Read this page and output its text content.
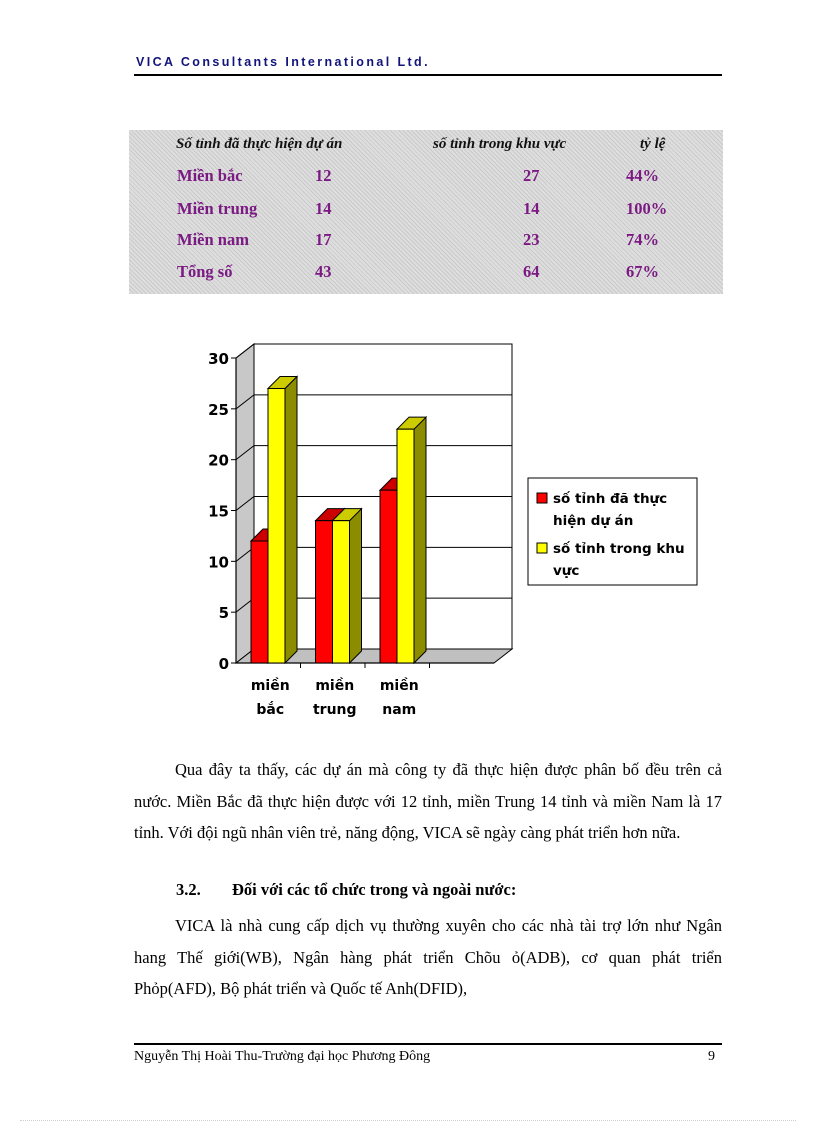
VICA Consultants International Ltd.
Số tỉnh đã thực hiện dự án	số tỉnh trong khu vực	tỷ lệ
Miền bắc	12	27	44%
Miền trung	14	14	100%
Miền nam	17	23	74%
Tổng số	43	64	67%
0
5
10
15
20
25
30
miền
bắc
miền
trung
miền
nam
số tỉnh đã thực
hiện dự án
số tỉnh trong khu
vực

Qua đây ta thấy, các dự án mà công ty đã thực hiện được phân bố đều trên cả nước. Miền Bắc đã thực hiện được với 12 tỉnh, miền Trung 14 tỉnh và miền Nam là 17 tỉnh. Với đội ngũ nhân viên trẻ, năng động, VICA sẽ ngày càng phát triển hơn nữa.

3.2. Đối với các tổ chức trong và ngoài nước:

VICA là nhà cung cấp dịch vụ thường xuyên cho các nhà tài trợ lớn như Ngân hang Thế giới(WB), Ngân hàng phát triển Chõu ỏ(ADB), cơ quan phát triển Phỏp(AFD), Bộ phát triển và Quốc tế Anh(DFID),

Nguyễn Thị Hoài Thu-Trường đại học Phương Đông	9
